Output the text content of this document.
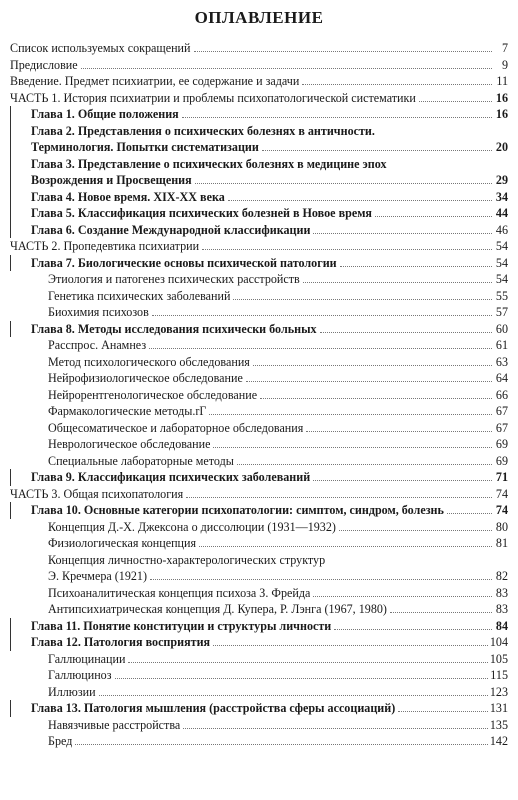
ОПЛАВЛЕНИЕ
Список используемых сокращений	7
Предисловие	9
Введение. Предмет психиатрии, ее содержание и задачи	11
ЧАСТЬ 1. История психиатрии и проблемы психопатологической систематики	16
Глава 1. Общие положения	16
Глава 2. Представления о психических болезнях в античности.
Терминология. Попытки систематизации	20
Глава 3. Представление о психических болезнях в медицине эпох
Возрождения и Просвещения	29
Глава 4. Новое время. XIX-XX века	34
Глава 5. Классификация психических болезней в Новое время	44
Глава 6. Создание Международной классификации	46
ЧАСТЬ 2. Пропедевтика психиатрии	54
Глава 7. Биологические основы психической патологии	54
Этиология и патогенез психических расстройств	54
Генетика психических заболеваний	55
Биохимия психозов	57
Глава 8. Методы исследования психически больных	60
Расспрос. Анамнез	61
Метод психологического обследования	63
Нейрофизиологическое обследование	64
Нейрорентгенологическое обследование	66
Фармакологические методы.rГ	67
Общесоматическое и лабораторное обследования	67
Неврологическое обследование	69
Специальные лабораторные методы	69
Глава 9. Классификация психических заболеваний	71
ЧАСТЬ 3. Общая психопатология	74
Глава 10. Основные категории психопатологии: симптом, синдром, болезнь	74
Концепция Д.-Х. Джексона о диссолюции (1931—1932)	80
Физиологическая концепция	81
Концепция личностно-характерологических структур
Э. Кречмера (1921)	82
Психоаналитическая концепция психоза З. Фрейда	83
Антипсихиатрическая концепция Д. Купера, Р. Лэнга (1967, 1980)	83
Глава 11. Понятие конституции и структуры личности	84
Глава 12. Патология восприятия	104
Галлюцинации	105
Галлюциноз	115
Иллюзии	123
Глава 13. Патология мышления (расстройства сферы ассоциаций)	131
Навязчивые расстройства	135
Бред	142
